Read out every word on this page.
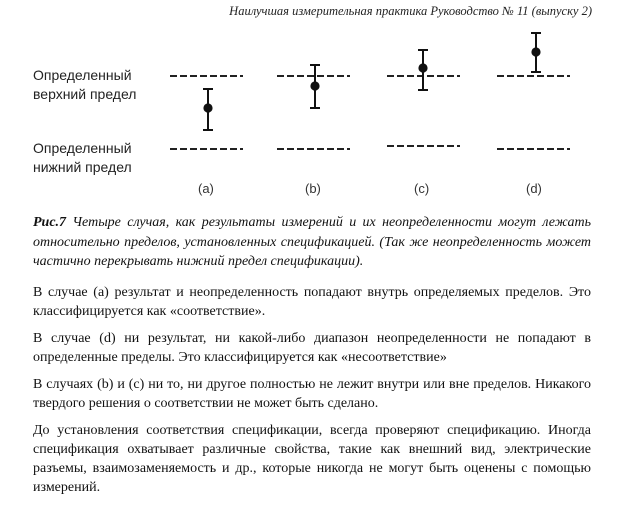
Наилучшая измерительная практика Руководство № 11 (выпуску 2)
Определенный верхний предел
Определенный нижний предел
(a)	(b)	(c)	(d)
Рис.7 Четыре случая, как результаты измерений и их неопределенности могут лежать относительно пределов, установленных спецификацией. (Так же неопределенность может частично перекрывать нижний предел спецификации).
В случае (a) результат и неопределенность попадают внутрь определяемых пределов. Это классифицируется как «соответствие».
В случае (d) ни результат, ни какой-либо диапазон неопределенности не попадают в определенные пределы. Это классифицируется как «несоответствие»
В случаях (b) и (c) ни то, ни другое полностью не лежит внутри или вне пределов. Никакого твердого решения о соответствии не может быть сделано.
До установления соответствия спецификации, всегда проверяют спецификацию. Иногда спецификация охватывает различные свойства, такие как внешний вид, электрические разъемы, взаимозаменяемость и др., которые никогда не могут быть оценены с помощью измерений.
